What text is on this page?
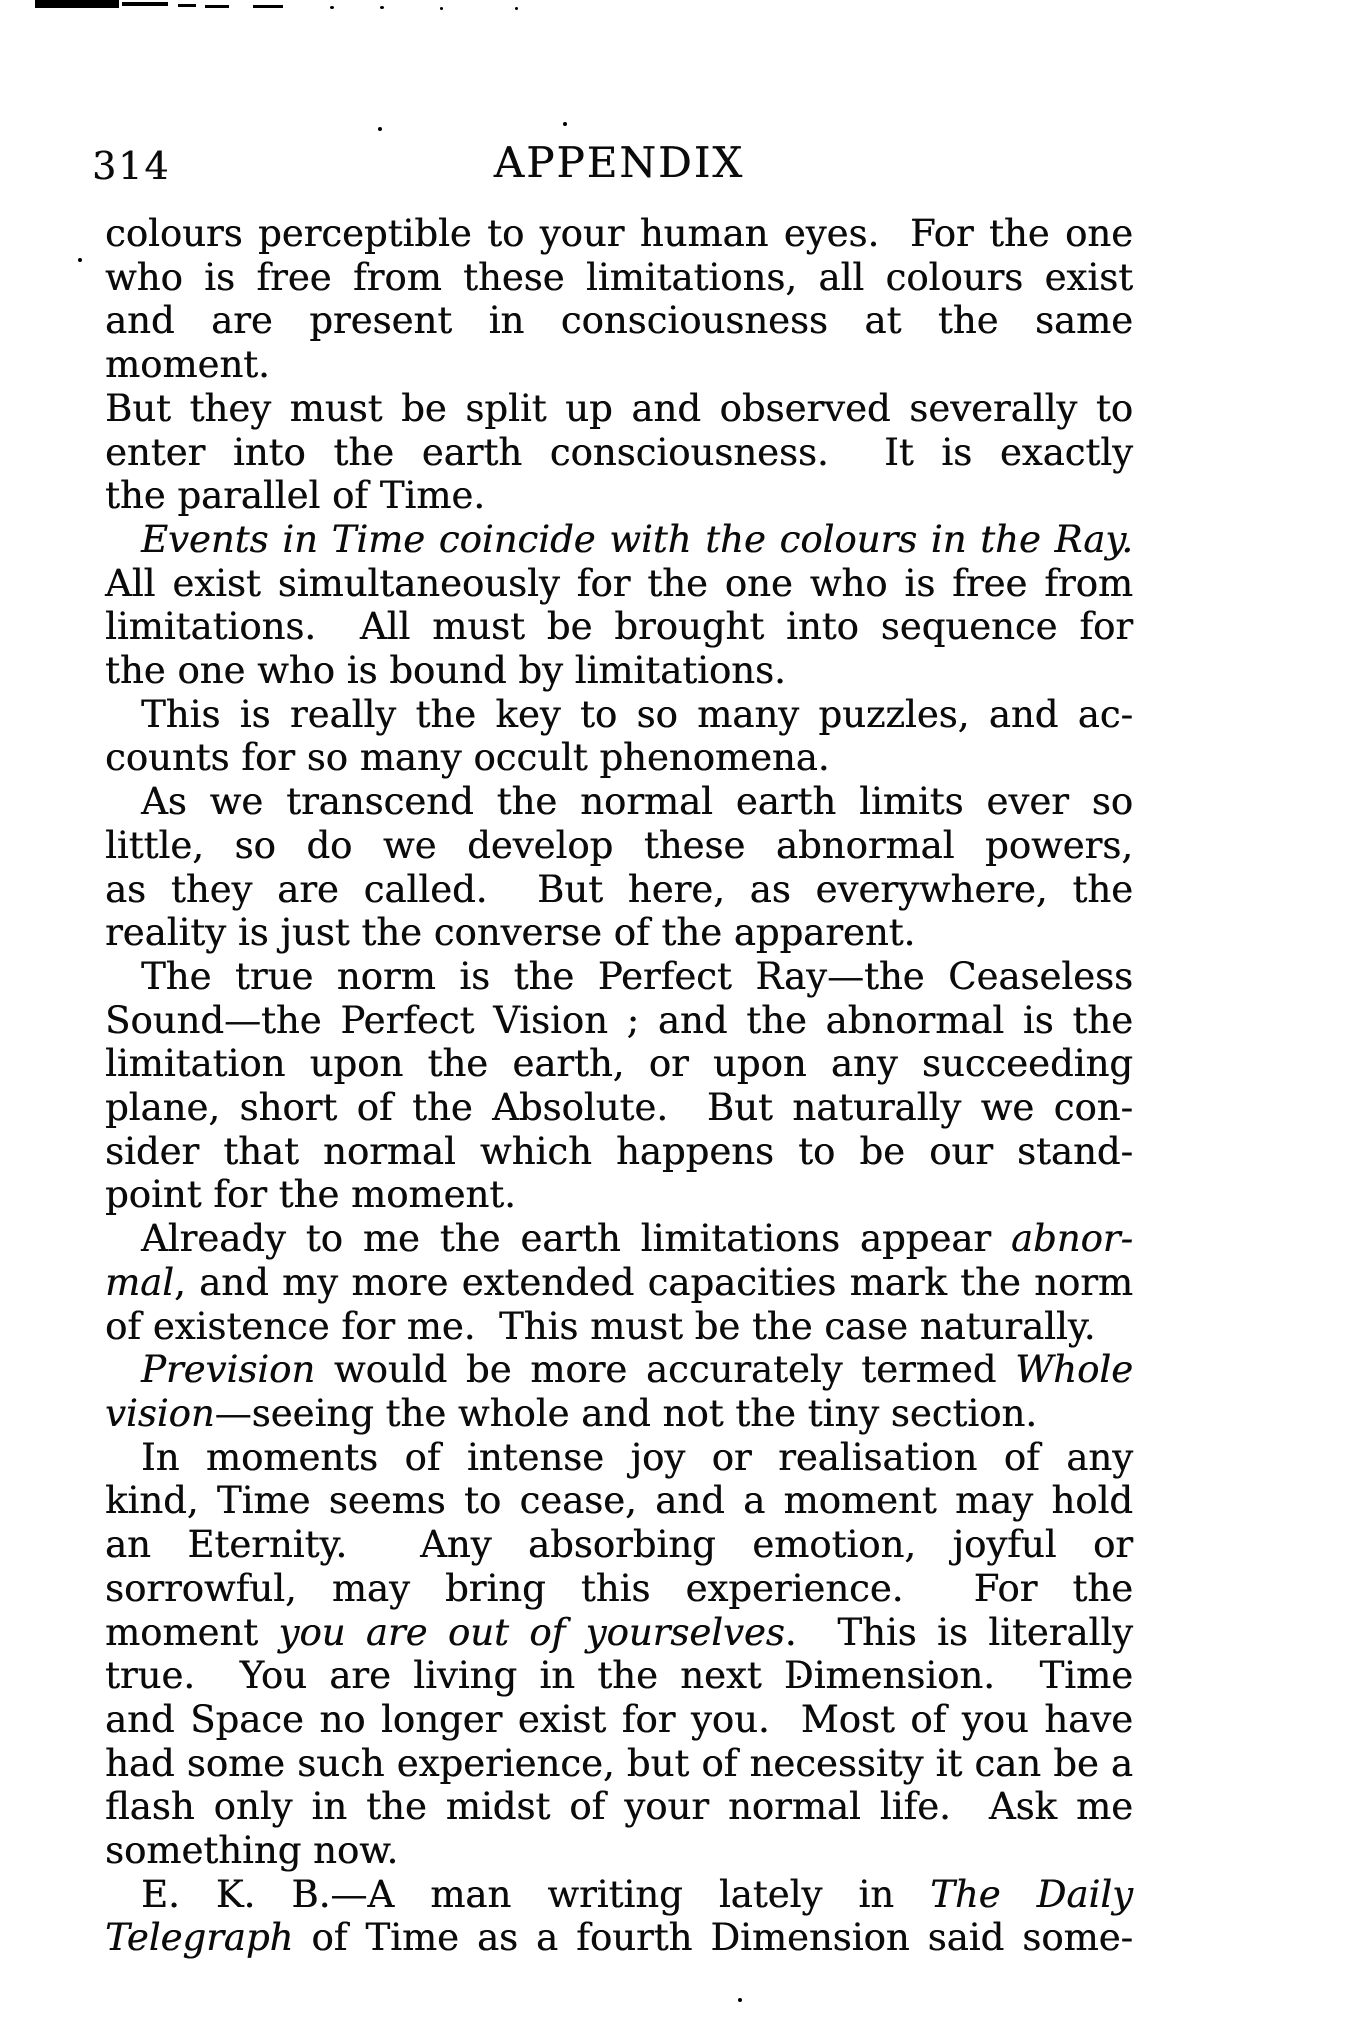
314	APPENDIX
colours perceptible to your human eyes.  For the one
who is free from these limitations, all colours exist
and are present in consciousness at the same moment.
But they must be split up and observed severally to
enter into the earth consciousness.  It is exactly
the parallel of Time.
Events in Time coincide with the colours in the Ray.
All exist simultaneously for the one who is free from
limitations.  All must be brought into sequence for
the one who is bound by limitations.
This is really the key to so many puzzles, and ac-
counts for so many occult phenomena.
As we transcend the normal earth limits ever so
little, so do we develop these abnormal powers,
as they are called.  But here, as everywhere, the
reality is just the converse of the apparent.
The true norm is the Perfect Ray—the Ceaseless
Sound—the Perfect Vision ; and the abnormal is the
limitation upon the earth, or upon any succeeding
plane, short of the Absolute.  But naturally we con-
sider that normal which happens to be our stand-
point for the moment.
Already to me the earth limitations appear abnor-
mal, and my more extended capacities mark the norm
of existence for me.  This must be the case naturally.
Prevision would be more accurately termed Whole
vision—seeing the whole and not the tiny section.
In moments of intense joy or realisation of any
kind, Time seems to cease, and a moment may hold
an Eternity.  Any absorbing emotion, joyful or
sorrowful, may bring this experience.  For the
moment you are out of yourselves.  This is literally
true.  You are living in the next Dimension.  Time
and Space no longer exist for you.  Most of you have
had some such experience, but of necessity it can be a
flash only in the midst of your normal life.  Ask me
something now.
E. K. B.—A man writing lately in The Daily
Telegraph of Time as a fourth Dimension said some-
